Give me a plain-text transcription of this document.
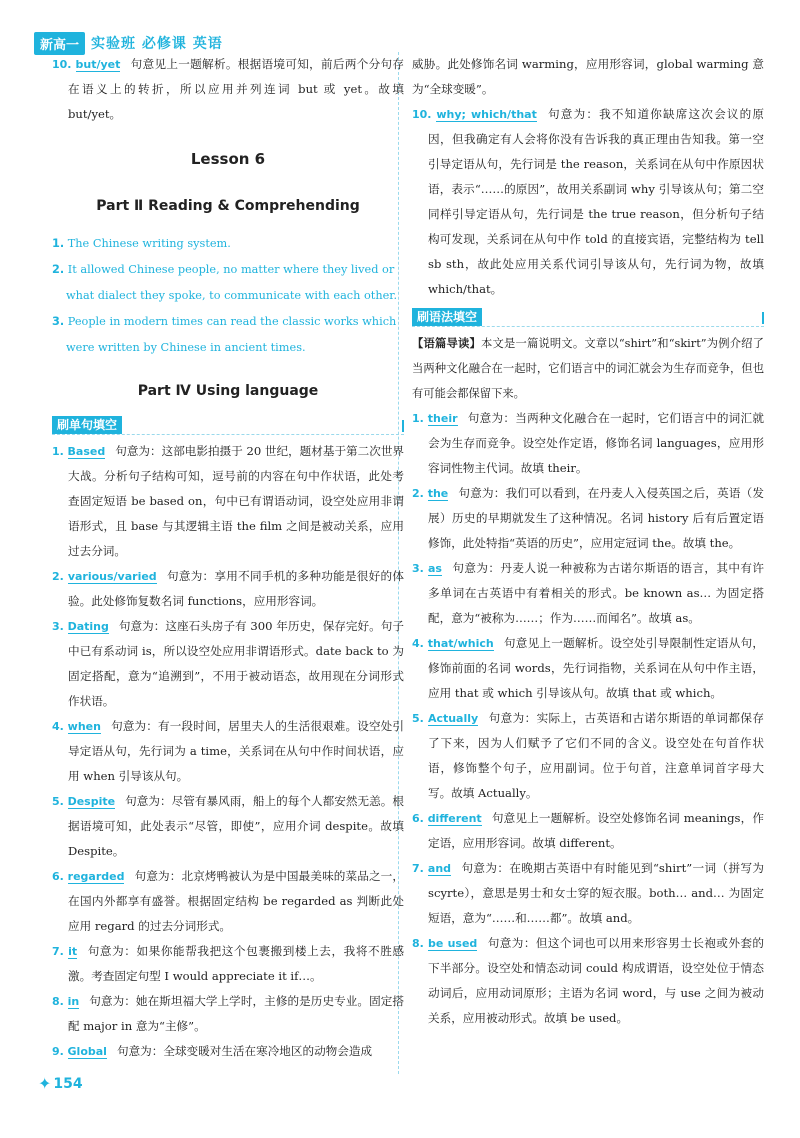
新高一 实验班 必修课 英语
10. but/yet 句意见上一题解析。根据语境可知，前后两个分句存在语义上的转折，所以应用并列连词 but 或 yet。故填 but/yet。
Lesson 6
Part Ⅱ Reading & Comprehending
1. The Chinese writing system.
2. It allowed Chinese people, no matter where they lived or what dialect they spoke, to communicate with each other.
3. People in modern times can read the classic works which were written by Chinese in ancient times.
Part Ⅳ Using language
刷单句填空
1. Based 句意为：这部电影拍摄于 20 世纪，题材基于第二次世界大战。分析句子结构可知，逗号前的内容在句中作状语，此处考查固定短语 be based on，句中已有谓语动词，设空处应用非谓语形式，且 base 与其逻辑主语 the film 之间是被动关系，应用过去分词。
2. various/varied 句意为：享用不同手机的多种功能是很好的体验。此处修饰复数名词 functions，应用形容词。
3. Dating 句意为：这座石头房子有 300 年历史，保存完好。句子中已有系动词 is，所以设空处应用非谓语形式。date back to 为固定搭配，意为“追溯到”，不用于被动语态，故用现在分词形式作状语。
4. when 句意为：有一段时间，居里夫人的生活很艰难。设空处引导定语从句，先行词为 a time，关系词在从句中作时间状语，应用 when 引导该从句。
5. Despite 句意为：尽管有暴风雨，船上的每个人都安然无恙。根据语境可知，此处表示“尽管，即使”，应用介词 despite。故填 Despite。
6. regarded 句意为：北京烤鸭被认为是中国最美味的菜品之一，在国内外都享有盛誉。根据固定结构 be regarded as 判断此处应用 regard 的过去分词形式。
7. it 句意为：如果你能帮我把这个包裹搬到楼上去，我将不胜感激。考查固定句型 I would appreciate it if…。
8. in 句意为：她在斯坦福大学上学时，主修的是历史专业。固定搭配 major in 意为“主修”。
9. Global 句意为：全球变暖对生活在寒冷地区的动物会造成
威胁。此处修饰名词 warming，应用形容词，global warming 意为“全球变暖”。
10. why; which/that 句意为：我不知道你缺席这次会议的原因，但我确定有人会将你没有告诉我的真正理由告知我。第一空引导定语从句，先行词是 the reason，关系词在从句中作原因状语，表示“……的原因”，故用关系副词 why 引导该从句；第二空同样引导定语从句，先行词是 the true reason，但分析句子结构可发现，关系词在从句中作 told 的直接宾语，完整结构为 tell sb sth，故此处应用关系代词引导该从句，先行词为物，故填 which/that。
刷语法填空
【语篇导读】本文是一篇说明文。文章以“shirt”和“skirt”为例介绍了当两种文化融合在一起时，它们语言中的词汇就会为生存而竞争，但也有可能会都保留下来。
1. their 句意为：当两种文化融合在一起时，它们语言中的词汇就会为生存而竞争。设空处作定语，修饰名词 languages，应用形容词性物主代词。故填 their。
2. the 句意为：我们可以看到，在丹麦人入侵英国之后，英语（发展）历史的早期就发生了这种情况。名词 history 后有后置定语修饰，此处特指“英语的历史”，应用定冠词 the。故填 the。
3. as 句意为：丹麦人说一种被称为古诺尔斯语的语言，其中有许多单词在古英语中有着相关的形式。be known as… 为固定搭配，意为“被称为……；作为……而闻名”。故填 as。
4. that/which 句意见上一题解析。设空处引导限制性定语从句，修饰前面的名词 words，先行词指物，关系词在从句中作主语，应用 that 或 which 引导该从句。故填 that 或 which。
5. Actually 句意为：实际上，古英语和古诺尔斯语的单词都保存了下来，因为人们赋予了它们不同的含义。设空处在句首作状语，修饰整个句子，应用副词。位于句首，注意单词首字母大写。故填 Actually。
6. different 句意见上一题解析。设空处修饰名词 meanings，作定语，应用形容词。故填 different。
7. and 句意为：在晚期古英语中有时能见到“shirt”一词（拼写为 scyrte），意思是男士和女士穿的短衣服。both… and… 为固定短语，意为“……和……都”。故填 and。
8. be used 句意为：但这个词也可以用来形容男士长袍或外套的下半部分。设空处和情态动词 could 构成谓语，设空处位于情态动词后，应用动词原形；主语为名词 word，与 use 之间为被动关系，应用被动形式。故填 be used。
✦ 154
